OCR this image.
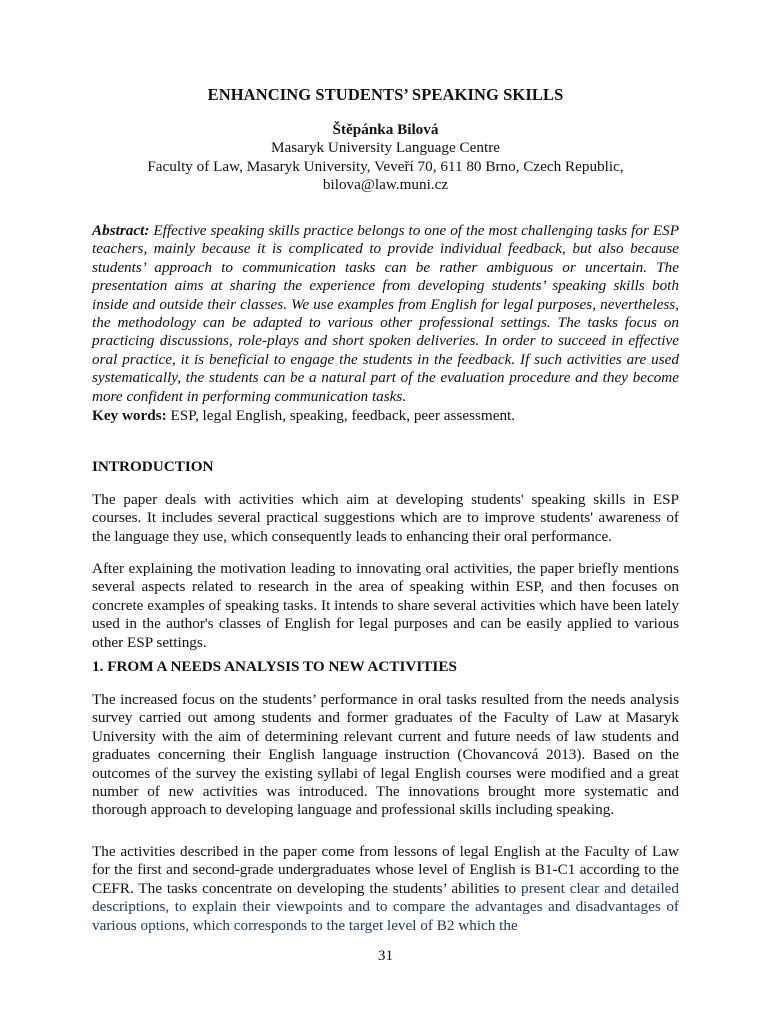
ENHANCING STUDENTS’ SPEAKING SKILLS
Štěpánka Bilová
Masaryk University Language Centre
Faculty of Law, Masaryk University, Veveří 70, 611 80 Brno, Czech Republic,
bilova@law.muni.cz
Abstract: Effective speaking skills practice belongs to one of the most challenging tasks for ESP teachers, mainly because it is complicated to provide individual feedback, but also because students’ approach to communication tasks can be rather ambiguous or uncertain. The presentation aims at sharing the experience from developing students’ speaking skills both inside and outside their classes. We use examples from English for legal purposes, nevertheless, the methodology can be adapted to various other professional settings. The tasks focus on practicing discussions, role-plays and short spoken deliveries. In order to succeed in effective oral practice, it is beneficial to engage the students in the feedback. If such activities are used systematically, the students can be a natural part of the evaluation procedure and they become more confident in performing communication tasks.
Key words: ESP, legal English, speaking, feedback, peer assessment.
INTRODUCTION
The paper deals with activities which aim at developing students' speaking skills in ESP courses. It includes several practical suggestions which are to improve students' awareness of the language they use, which consequently leads to enhancing their oral performance.
After explaining the motivation leading to innovating oral activities, the paper briefly mentions several aspects related to research in the area of speaking within ESP, and then focuses on concrete examples of speaking tasks. It intends to share several activities which have been lately used in the author's classes of English for legal purposes and can be easily applied to various other ESP settings.
1. FROM A NEEDS ANALYSIS TO NEW ACTIVITIES
The increased focus on the students’ performance in oral tasks resulted from the needs analysis survey carried out among students and former graduates of the Faculty of Law at Masaryk University with the aim of determining relevant current and future needs of law students and graduates concerning their English language instruction (Chovancová 2013). Based on the outcomes of the survey the existing syllabi of legal English courses were modified and a great number of new activities was introduced. The innovations brought more systematic and thorough approach to developing language and professional skills including speaking.
The activities described in the paper come from lessons of legal English at the Faculty of Law for the first and second-grade undergraduates whose level of English is B1-C1 according to the CEFR. The tasks concentrate on developing the students’ abilities to present clear and detailed descriptions, to explain their viewpoints and to compare the advantages and disadvantages of various options, which corresponds to the target level of B2 which the
31
